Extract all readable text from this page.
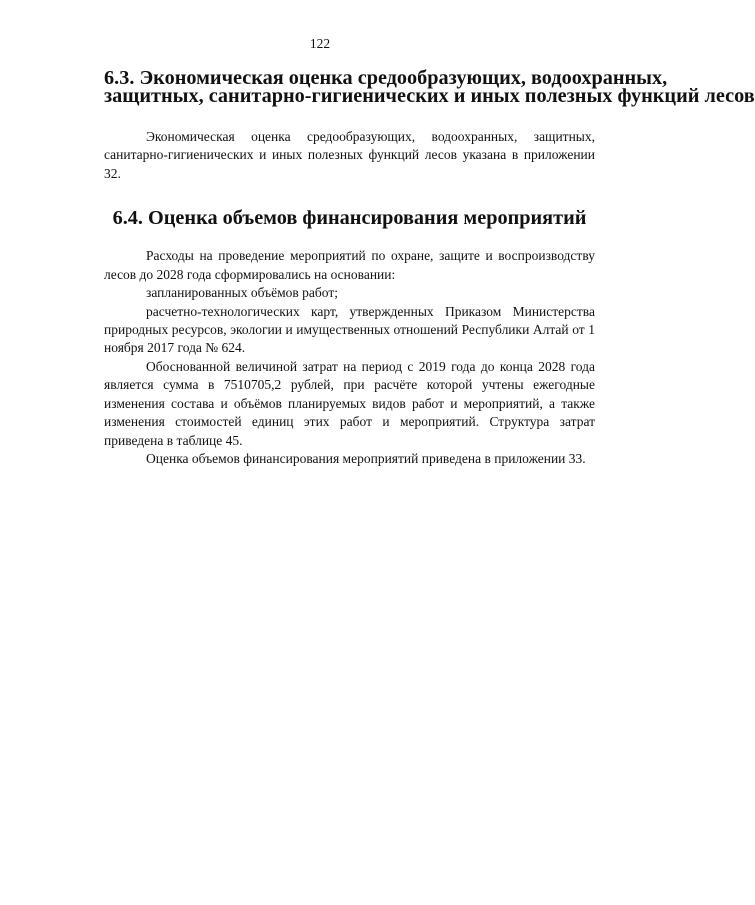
122
6.3. Экономическая оценка средообразующих, водоохранных,
защитных, санитарно-гигиенических и иных полезных функций лесов

Экономическая оценка средообразующих, водоохранных, защитных, санитарно-гигиенических и иных полезных функций лесов указана в приложении 32.

6.4. Оценка объемов финансирования мероприятий

Расходы на проведение мероприятий по охране, защите и воспроизводству лесов до 2028 года сформировались на основании:

запланированных объёмов работ;

расчетно-технологических карт, утвержденных Приказом Министерства природных ресурсов, экологии и имущественных отношений Республики Алтай от 1 ноября 2017 года № 624.

Обоснованной величиной затрат на период с 2019 года до конца 2028 года является сумма в 7510705,2 рублей, при расчёте которой учтены ежегодные изменения состава и объёмов планируемых видов работ и мероприятий, а также изменения стоимостей единиц этих работ и мероприятий. Структура затрат приведена в таблице 45.

Оценка объемов финансирования мероприятий приведена в приложении 33.
